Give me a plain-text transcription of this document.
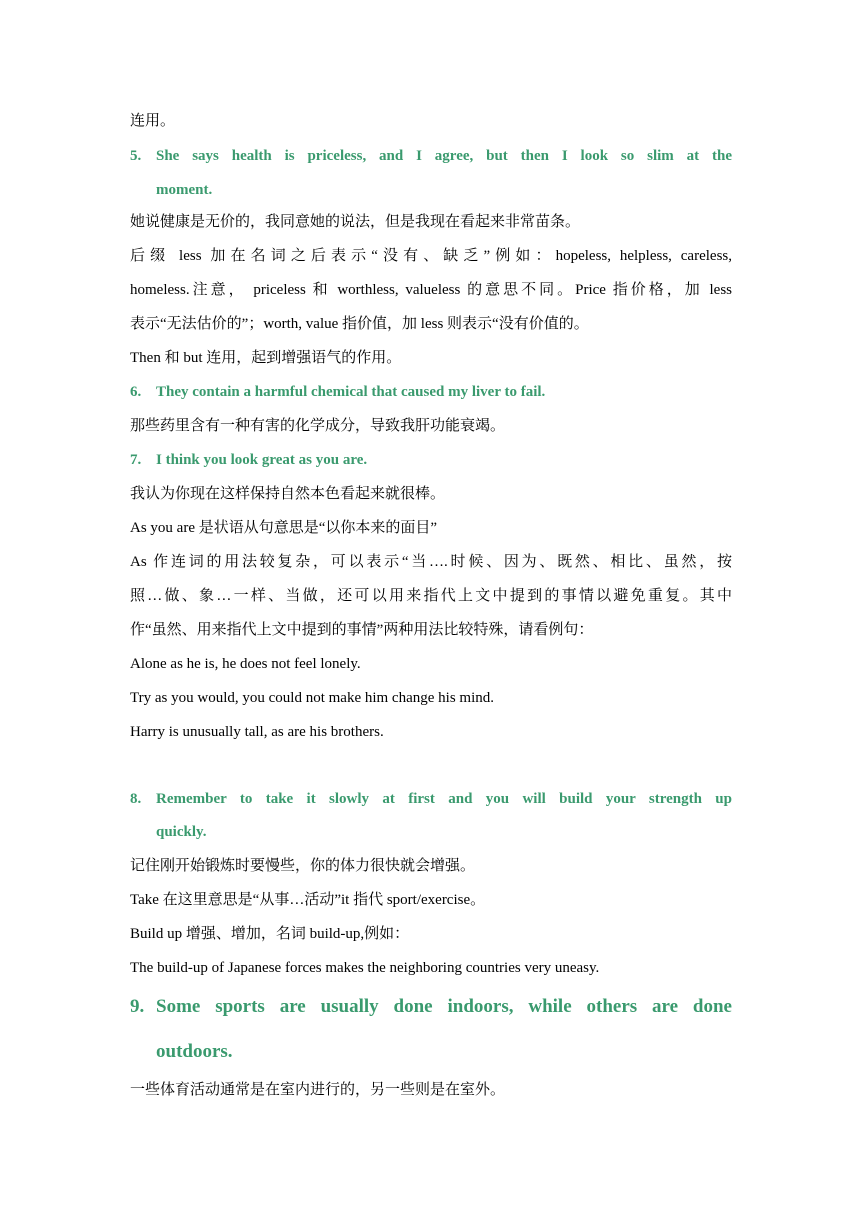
连用。
5. She says health is priceless, and I agree, but then I look so slim at the
moment.
她说健康是无价的，我同意她的说法，但是我现在看起来非常苗条。
后缀 less 加在名词之后表示“没有、缺乏”例如：hopeless, helpless, careless,
homeless.注意， priceless 和 worthless, valueless 的意思不同。Price 指价格，加 less
表示“无法估价的”；worth, value 指价值，加 less 则表示“没有价值的。
Then 和 but 连用，起到增强语气的作用。
6. They contain a harmful chemical that caused my liver to fail.
那些药里含有一种有害的化学成分，导致我肝功能衰竭。
7. I think you look great as you are.
我认为你现在这样保持自然本色看起来就很棒。
As you are 是状语从句意思是“以你本来的面目”
As 作连词的用法较复杂，可以表示“当….时候、因为、既然、相比、虽然，按
照…做、象…一样、当做，还可以用来指代上文中提到的事情以避免重复。其中
作“虽然、用来指代上文中提到的事情”两种用法比较特殊，请看例句：
Alone as he is, he does not feel lonely.
Try as you would, you could not make him change his mind.
Harry is unusually tall, as are his brothers.
8. Remember to take it slowly at first and you will build your strength up
quickly.
记住刚开始锻炼时要慢些，你的体力很快就会增强。
Take 在这里意思是“从事…活动”it 指代 sport/exercise。
Build up 增强、增加，名词 build-up,例如：
The build-up of Japanese forces makes the neighboring countries very uneasy.
9. Some sports are usually done indoors, while others are done
outdoors.
一些体育活动通常是在室内进行的，另一些则是在室外。
